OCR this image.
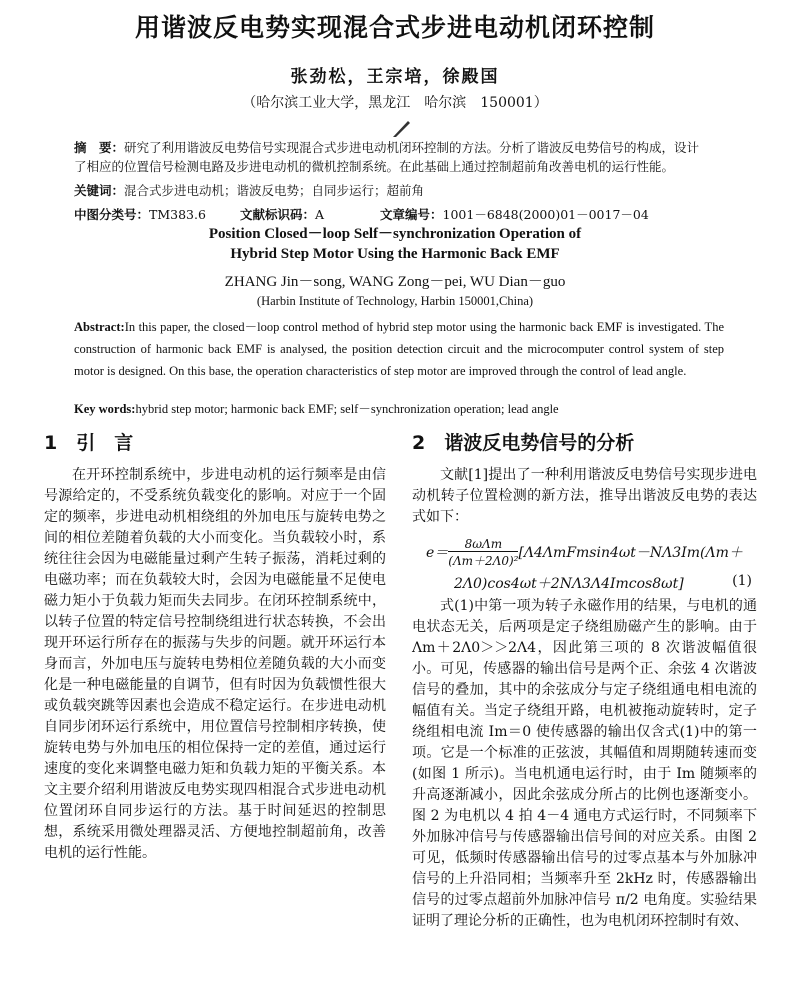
用谐波反电势实现混合式步进电动机闭环控制
张劲松，王宗培，徐殿国
（哈尔滨工业大学，黑龙江　哈尔滨　150001）
摘　要：研究了利用谐波反电势信号实现混合式步进电动机闭环控制的方法。分析了谐波反电势信号的构成，设计
了相应的位置信号检测电路及步进电动机的微机控制系统。在此基础上通过控制超前角改善电机的运行性能。
关键词：混合式步进电动机；谐波反电势；自同步运行；超前角
中图分类号：TM383.6	文献标识码：A	文章编号：1001－6848(2000)01－0017－04
Position Closed－loop Self－synchronization Operation of
Hybrid Step Motor Using the Harmonic Back EMF
ZHANG Jin－song, WANG Zong－pei, WU Dian－guo
(Harbin Institute of Technology, Harbin 150001,China)
Abstract:In this paper, the closed－loop control method of hybrid step motor using the harmonic back EMF is investigated. The construction of harmonic back EMF is analysed, the position detection circuit and the microcomputer control system of step motor is designed. On this base, the operation characteristics of step motor are improved through the control of lead angle.
Key words:hybrid step motor; harmonic back EMF; self－synchronization operation; lead angle
1　引　言

在开环控制系统中，步进电动机的运行频率是由信号源给定的，不受系统负载变化的影响。对应于一个固定的频率，步进电动机相绕组的外加电压与旋转电势之间的相位差随着负载的大小而变化。当负载较小时，系统往往会因为电磁能量过剩产生转子振荡，消耗过剩的电磁功率；而在负载较大时，会因为电磁能量不足使电磁力矩小于负载力矩而失去同步。在闭环控制系统中，以转子位置的特定信号控制绕组进行状态转换，不会出现开环运行所存在的振荡与失步的问题。就开环运行本身而言，外加电压与旋转电势相位差随负载的大小而变化是一种电磁能量的自调节，但有时因为负载惯性很大或负载突跳等因素也会造成不稳定运行。在步进电动机自同步闭环运行系统中，用位置信号控制相序转换，使旋转电势与外加电压的相位保持一定的差值，通过运行速度的变化来调整电磁力矩和负载力矩的平衡关系。本文主要介绍利用谐波反电势实现四相混合式步进电动机位置闭环自同步运行的方法。基于时间延迟的控制思想，系统采用微处理器灵活、方便地控制超前角，改善电机的运行性能。

2　谐波反电势信号的分析

文献[1]提出了一种利用谐波反电势信号实现步进电动机转子位置检测的新方法，推导出谐波反电势的表达式如下：

$e= \frac{\text{8ωΛm}}{\text{(Λm＋2Λ0)²}} [\Lambda 4\Lambda mFmsin4\omega t-N\Lambda 3Im(\Lambda m+$
2Λ0)cos4ωt＋2NΛ3Λ4Imcos8ωt]	(1)

式(1)中第一项为转子永磁作用的结果，与电机的通电状态无关，后两项是定子绕组励磁产生的影响。由于 Λm＋2Λ0＞＞2Λ4，因此第三项的 8 次谐波幅值很小。可见，传感器的输出信号是两个正、余弦 4 次谐波信号的叠加，其中的余弦成分与定子绕组通电相电流的幅值有关。当定子绕组开路，电机被拖动旋转时，定子绕组相电流 Im＝0 使传感器的输出仅含式(1)中的第一项。它是一个标准的正弦波，其幅值和周期随转速而变(如图 1 所示)。当电机通电运行时，由于 Im 随频率的升高逐渐减小，因此余弦成分所占的比例也逐渐变小。图 2 为电机以 4 拍 4－4 通电方式运行时，不同频率下外加脉冲信号与传感器输出信号间的对应关系。由图 2 可见，低频时传感器输出信号的过零点基本与外加脉冲信号的上升沿同相；当频率升至 2kHz 时，传感器输出信号的过零点超前外加脉冲信号 π/2 电角度。实验结果证明了理论分析的正确性，也为电机闭环控制时有效、
